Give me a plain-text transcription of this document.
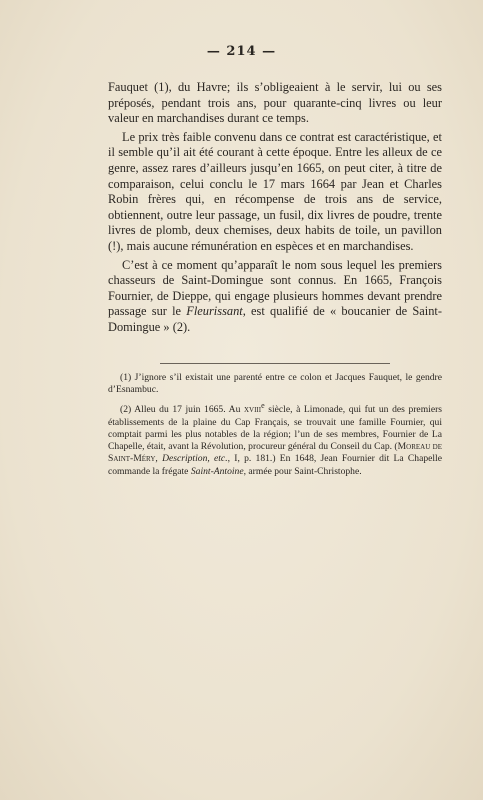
— 214 —

Fauquet (1), du Havre; ils s’obligeaient à le servir, lui ou ses préposés, pendant trois ans, pour quarante-cinq livres ou leur valeur en marchandises durant ce temps.

Le prix très faible convenu dans ce contrat est caractéristique, et il semble qu’il ait été courant à cette époque. Entre les alleux de ce genre, assez rares d’ailleurs jusqu’en 1665, on peut citer, à titre de comparaison, celui conclu le 17 mars 1664 par Jean et Charles Robin frères qui, en récompense de trois ans de service, obtiennent, outre leur passage, un fusil, dix livres de poudre, trente livres de plomb, deux chemises, deux habits de toile, un pavillon (!), mais aucune rémunération en espèces et en marchandises.

C’est à ce moment qu’apparaît le nom sous lequel les premiers chasseurs de Saint-Domingue sont connus. En 1665, François Fournier, de Dieppe, qui engage plusieurs hommes devant prendre passage sur le Fleurissant, est qualifié de « boucanier de Saint-Domingue » (2).

(1) J’ignore s’il existait une parenté entre ce colon et Jacques Fauquet, le gendre d’Esnambuc.

(2) Alleu du 17 juin 1665. Au xviii$^e$ siècle, à Limonade, qui fut un des premiers établissements de la plaine du Cap Français, se trouvait une famille Fournier, qui comptait parmi les plus notables de la région; l’un de ses membres, Fournier de La Chapelle, était, avant la Révolution, procureur général du Conseil du Cap. (Moreau de Saint-Méry, Description, etc., I, p. 181.) En 1648, Jean Fournier dit La Chapelle commande la frégate Saint-Antoine, armée pour Saint-Christophe.
